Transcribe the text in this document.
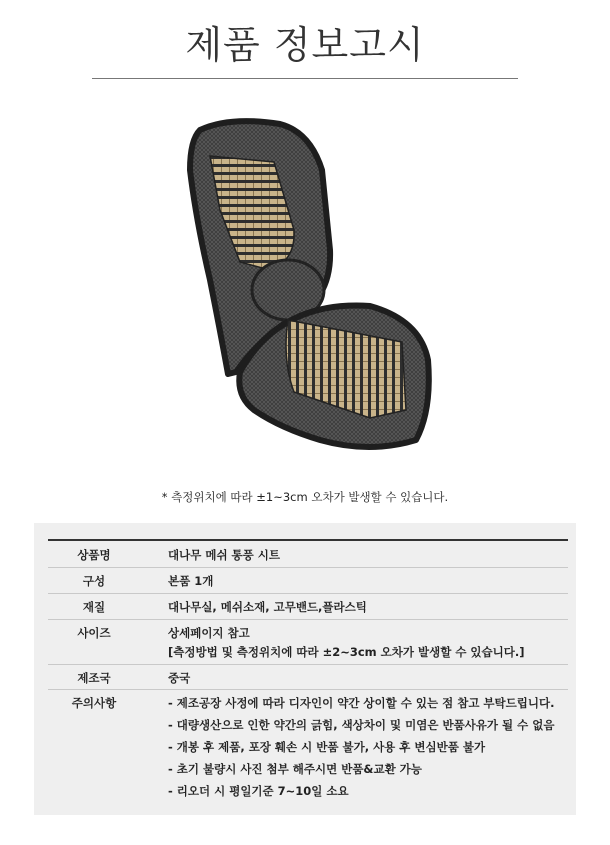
제품 정보고시
* 측정위치에 따라 ±1~3cm 오차가 발생할 수 있습니다.
상품명	대나무 메쉬 통풍 시트
구성	본품 1개
재질	대나무실, 메쉬소재, 고무밴드,플라스틱
사이즈	상세페이지 참고
[측정방법 및 측정위치에 따라 ±2~3cm 오차가 발생할 수 있습니다.]
제조국	중국
주의사항	- 제조공장 사정에 따라 디자인이 약간 상이할 수 있는 점 참고 부탁드립니다.
- 대량생산으로 인한 약간의 긁힘, 색상차이 및 미염은 반품사유가 될 수 없음
- 개봉 후 제품, 포장 훼손 시 반품 불가, 사용 후 변심반품 불가
- 초기 불량시 사진 첨부 해주시면 반품&교환 가능
- 리오더 시 평일기준 7~10일 소요
